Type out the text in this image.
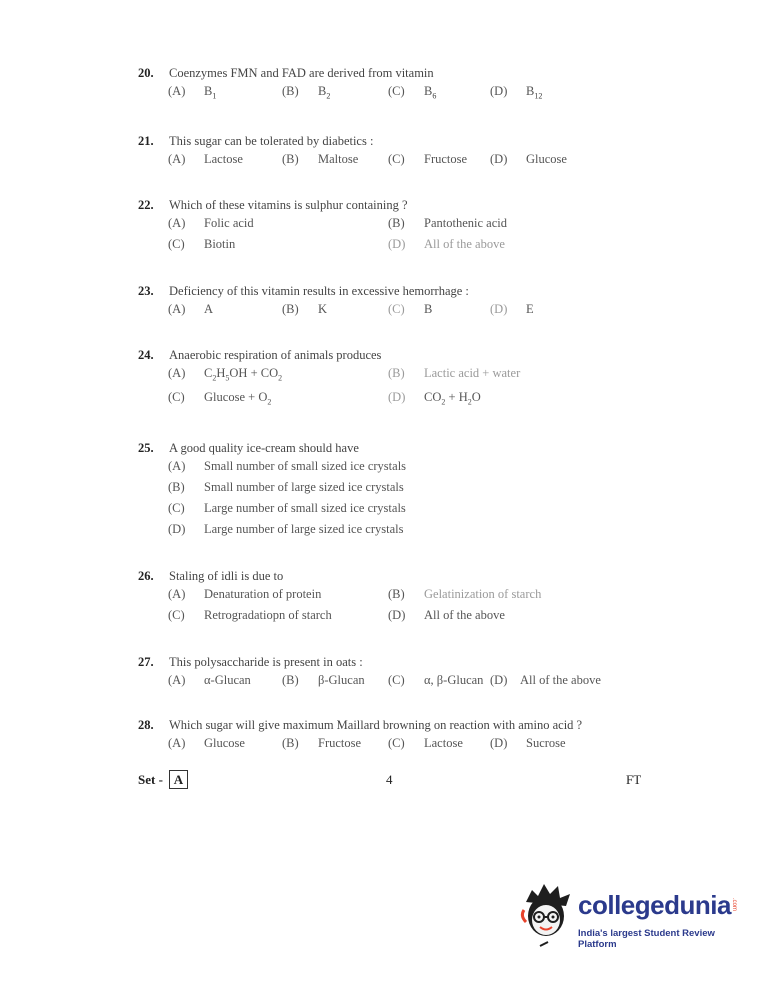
20. Coenzymes FMN and FAD are derived from vitamin
(A) $B_1$	(B) $B_2$	(C) $B_6$	(D) $B_{12}$
21. This sugar can be tolerated by diabetics :
(A) Lactose	(B) Maltose (C) Fructose (D) Glucose
22. Which of these vitamins is sulphur containing ?
(A) Folic acid	(B) Pantothenic acid
(C) Biotin	(D) All of the above
23. Deficiency of this vitamin results in excessive hemorrhage :
(A) A	(B) K	(C) B	(D) E
24. Anaerobic respiration of animals produces
(A) $C_2H_5OH + CO_2$	(B) Lactic acid + water
(C) $Glucose + O_2$	(D) $CO_2 + H_2O$
25. A good quality ice-cream should have
(A) Small number of small sized ice crystals
(B) Small number of large sized ice crystals
(C) Large number of small sized ice crystals
(D) Large number of large sized ice crystals
26. Staling of idli is due to
(A) Denaturation of protein	(B) Gelatinization of starch
(C) Retrogradatiopn of starch	(D) All of the above
27. This polysaccharide is present in oats :
(A) α-Glucan (B) β-Glucan (C) α, β-Glucan (D) All of the above
28. Which sugar will give maximum Maillard browning on reaction with amino acid ?
(A) Glucose	(B) Fructose (C) Lactose (D) Sucrose
Set - A	4	FT
collegedunia .com
India's largest Student Review Platform
